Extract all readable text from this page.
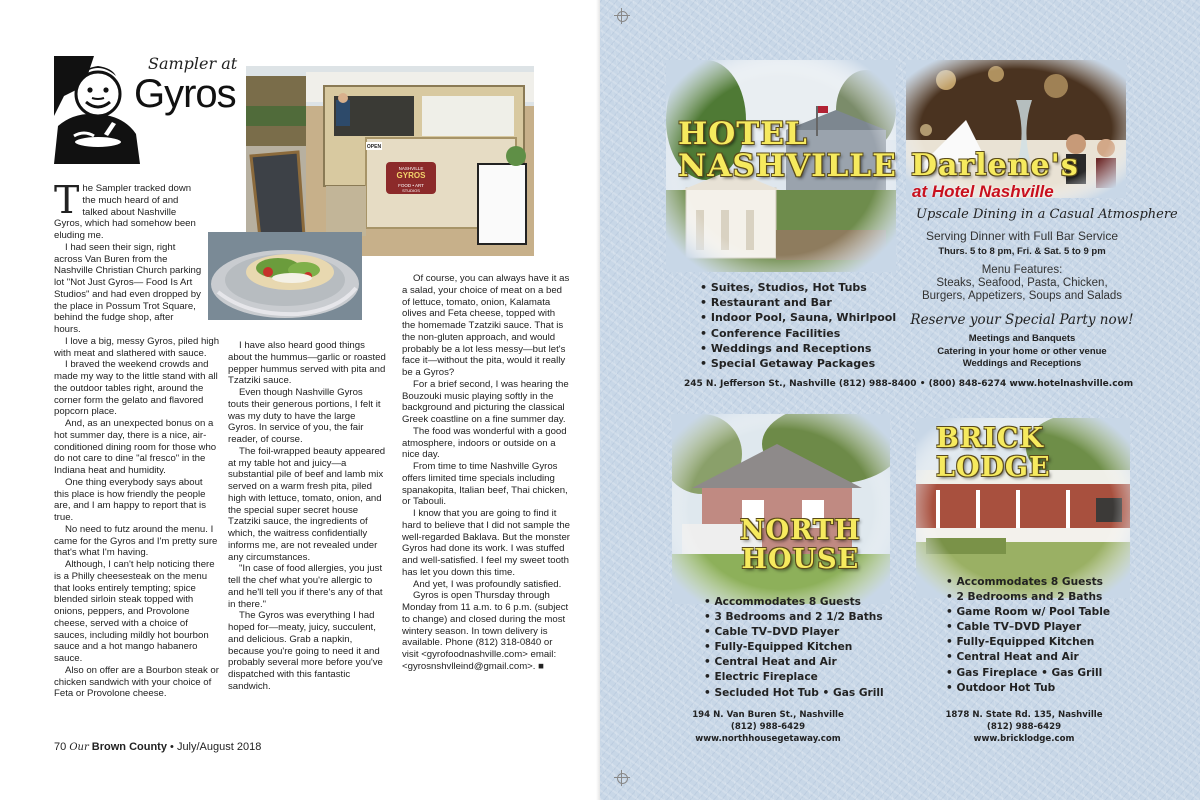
Sampler at
Gyros
GYROS
FOOD • ART
NASHVILLE
STUDIOS
OPEN

The Sampler tracked down the much heard of and talked about Nashville Gyros, which had somehow been eluding me.

I had seen their sign, right across Van Buren from the Nashville Christian Church parking lot "Not Just Gyros— Food Is Art Studios" and had even dropped by the place in Possum Trot Square, behind the fudge shop, after hours.

I love a big, messy Gyros, piled high with meat and slathered with sauce.

I braved the weekend crowds and made my way to the little stand with all the outdoor tables right, around the corner form the gelato and flavored popcorn place.

And, as an unexpected bonus on a hot summer day, there is a nice, air-conditioned dining room for those who do not care to dine "al fresco" in the Indiana heat and humidity.

One thing everybody says about this place is how friendly the people are, and I am happy to report that is true.

No need to futz around the menu. I came for the Gyros and I'm pretty sure that's what I'm having.

Although, I can't help noticing there is a Philly cheesesteak on the menu that looks entirely tempting; spice blended sirloin steak topped with onions, peppers, and Provolone cheese, served with a choice of sauces, including mildly hot bourbon sauce and a hot mango habanero sauce.

Also on offer are a Bourbon steak or chicken sandwich with your choice of Feta or Provolone cheese.

I have also heard good things about the hummus—garlic or roasted pepper hummus served with pita and Tzatziki sauce.

Even though Nashville Gyros touts their generous portions, I felt it was my duty to have the large Gyros. In service of you, the fair reader, of course.

The foil-wrapped beauty appeared at my table hot and juicy—a substantial pile of beef and lamb mix served on a warm fresh pita, piled high with lettuce, tomato, onion, and the special super secret house Tzatziki sauce, the ingredients of which, the waitress confidentially informs me, are not revealed under any circumstances.

"In case of food allergies, you just tell the chef what you're allergic to and he'll tell you if there's any of that in there."

The Gyros was everything I had hoped for—meaty, juicy, succulent, and delicious. Grab a napkin, because you're going to need it and probably several more before you've dispatched with this fantastic sandwich.

Of course, you can always have it as a salad, your choice of meat on a bed of lettuce, tomato, onion, Kalamata olives and Feta cheese, topped with the homemade Tzatziki sauce. That is the non-gluten approach, and would probably be a lot less messy—but let's face it—without the pita, would it really be a Gyros?

For a brief second, I was hearing the Bouzouki music playing softly in the background and picturing the classical Greek coastline on a fine summer day.

The food was wonderful with a good atmosphere, indoors or outside on a nice day.

From time to time Nashville Gyros offers limited time specials including spanakopita, Italian beef, Thai chicken, or Tabouli.

I know that you are going to find it hard to believe that I did not sample the well-regarded Baklava. But the monster Gyros had done its work. I was stuffed and well-satisfied. I feel my sweet tooth has let you down this time.

And yet, I was profoundly satisfied.

Gyros is open Thursday through Monday from 11 a.m. to 6 p.m. (subject to change) and closed during the most wintery season. In town delivery is available. Phone (812) 318-0840 or visit <gyrofoodnashville.com> email: <gyrosnshvlleind@gmail.com>. ■

70 Our Brown County • July/August 2018
HOTEL
NASHVILLE Darlene's
at Hotel Nashville
Upscale Dining in a Casual Atmosphere
Serving Dinner with Full Bar Service
Thurs. 5 to 8 pm, Fri. & Sat. 5 to 9 pm
Menu Features:
Steaks, Seafood, Pasta, Chicken,
Burgers, Appetizers, Soups and Salads
Reserve your Special Party now!
Meetings and Banquets
Catering in your home or other venue
Weddings and Receptions
• Suites, Studios, Hot Tubs
• Restaurant and Bar
• Indoor Pool, Sauna, Whirlpool
• Conference Facilities
• Weddings and Receptions
• Special Getaway Packages
245 N. Jefferson St., Nashville (812) 988-8400 • (800) 848-6274 www.hotelnashville.com
NORTH
HOUSE
BRICK
LODGE
• Accommodates 8 Guests
• 3 Bedrooms and 2 1/2 Baths
• Cable TV–DVD Player
• Fully-Equipped Kitchen
• Central Heat and Air
• Electric Fireplace
• Secluded Hot Tub • Gas Grill
• Accommodates 8 Guests
• 2 Bedrooms and 2 Baths
• Game Room w/ Pool Table
• Cable TV–DVD Player
• Fully-Equipped Kitchen
• Central Heat and Air
• Gas Fireplace • Gas Grill
• Outdoor Hot Tub
194 N. Van Buren St., Nashville
(812) 988-6429
www.northhousegetaway.com
1878 N. State Rd. 135, Nashville
(812) 988-6429
www.bricklodge.com
